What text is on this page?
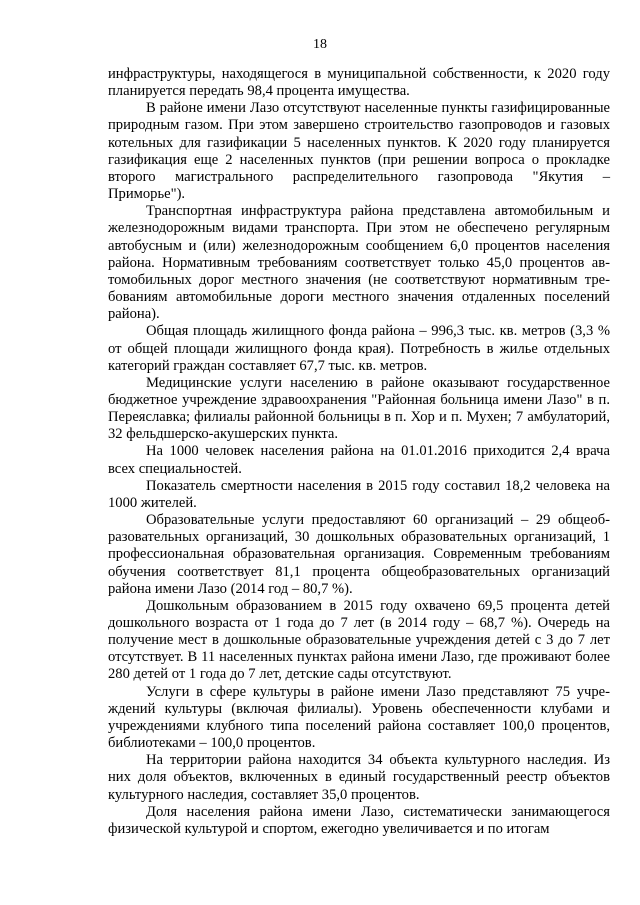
18

инфраструктуры, находящегося в муниципальной собственности, к 2020 году планируется передать 98,4 процента имущества.

В районе имени Лазо отсутствуют населенные пункты газифицированные природным газом. При этом завершено строительство газопроводов и газовых котельных для газификации 5 населенных пунктов. К 2020 году планируется газификация еще 2 населенных пунктов (при решении вопроса о прокладке второго магистрального распределительного газопровода "Якутия – Приморье").

Транспортная инфраструктура района представлена автомобильным и железнодорожным видами транспорта. При этом не обеспечено регулярным автобусным и (или) железнодорожным сообщением 6,0 процентов населения района. Нормативным требованиям соответствует только 45,0 процентов автомобильных дорог местного значения (не соответствуют нормативным требованиям автомобильные дороги местного значения отдаленных поселений района).

Общая площадь жилищного фонда района – 996,3 тыс. кв. метров (3,3 % от общей площади жилищного фонда края). Потребность в жилье отдельных категорий граждан составляет 67,7 тыс. кв. метров.

Медицинские услуги населению в районе оказывают государственное бюджетное учреждение здравоохранения "Районная больница имени Лазо" в п. Переяславка; филиалы районной больницы в п. Хор и п. Мухен; 7 амбулаторий, 32 фельдшерско-акушерских пункта.

На 1000 человек населения района на 01.01.2016 приходится 2,4 врача всех специальностей.

Показатель смертности населения в 2015 году составил 18,2 человека на 1000 жителей.

Образовательные услуги предоставляют 60 организаций – 29 общеобразовательных организаций, 30 дошкольных образовательных организаций, 1 профессиональная образовательная организация. Современным требованиям обучения соответствует 81,1 процента общеобразовательных организаций района имени Лазо (2014 год – 80,7 %).

Дошкольным образованием в 2015 году охвачено 69,5 процента детей дошкольного возраста от 1 года до 7 лет (в 2014 году – 68,7 %). Очередь на получение мест в дошкольные образовательные учреждения детей с 3 до 7 лет отсутствует. В 11 населенных пунктах района имени Лазо, где проживают более 280 детей от 1 года до 7 лет, детские сады отсутствуют.

Услуги в сфере культуры в районе имени Лазо представляют 75 учреждений культуры (включая филиалы). Уровень обеспеченности клубами и учреждениями клубного типа поселений района составляет 100,0 процентов, библиотеками – 100,0 процентов.

На территории района находится 34 объекта культурного наследия. Из них доля объектов, включенных в единый государственный реестр объектов культурного наследия, составляет 35,0 процентов.

Доля населения района имени Лазо, систематически занимающегося физической культурой и спортом, ежегодно увеличивается и по итогам
